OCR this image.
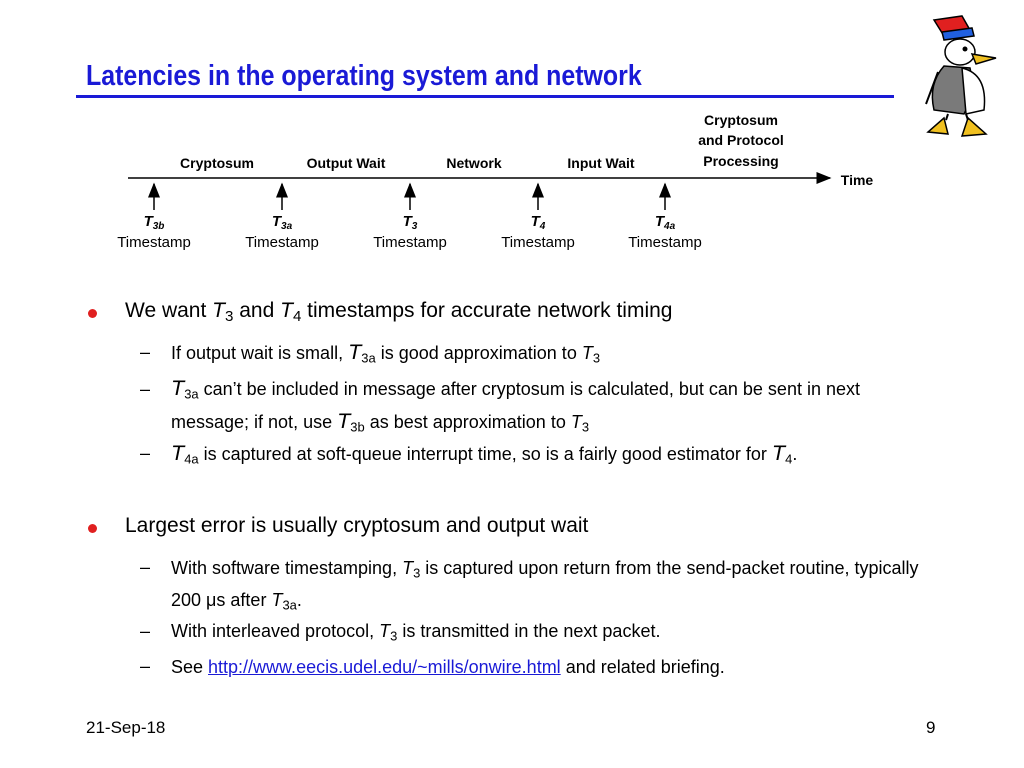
Latencies in the operating system and network
Cryptosum	Output Wait	Network	Input Wait
Cryptosum
and Protocol
Processing
Time
$T_{3b}$	$T_{3a}$	$T_3$	$T_4$	$T_{4a}$
Timestamp	Timestamp	Timestamp	Timestamp	Timestamp
We want $T_3$ and $T_4$ timestamps for accurate network timing
– If output wait is small, $T_{3a}$ is good approximation to $T_3$
– $T_{3a}$ can’t be included in message after cryptosum is calculated, but can be sent in next message; if not, use $T_{3b}$ as best approximation to $T_3$
– $T_{4a}$ is captured at soft-queue interrupt time, so is a fairly good estimator for $T_4$.
Largest error is usually cryptosum and output wait
– With software timestamping, $T_3$ is captured upon return from the send-packet routine, typically 200 μs after $T_{3a}$.
– With interleaved protocol, $T_3$ is transmitted in the next packet.
– See http://www.eecis.udel.edu/~mills/onwire.html and related briefing.
21-Sep-18	9
